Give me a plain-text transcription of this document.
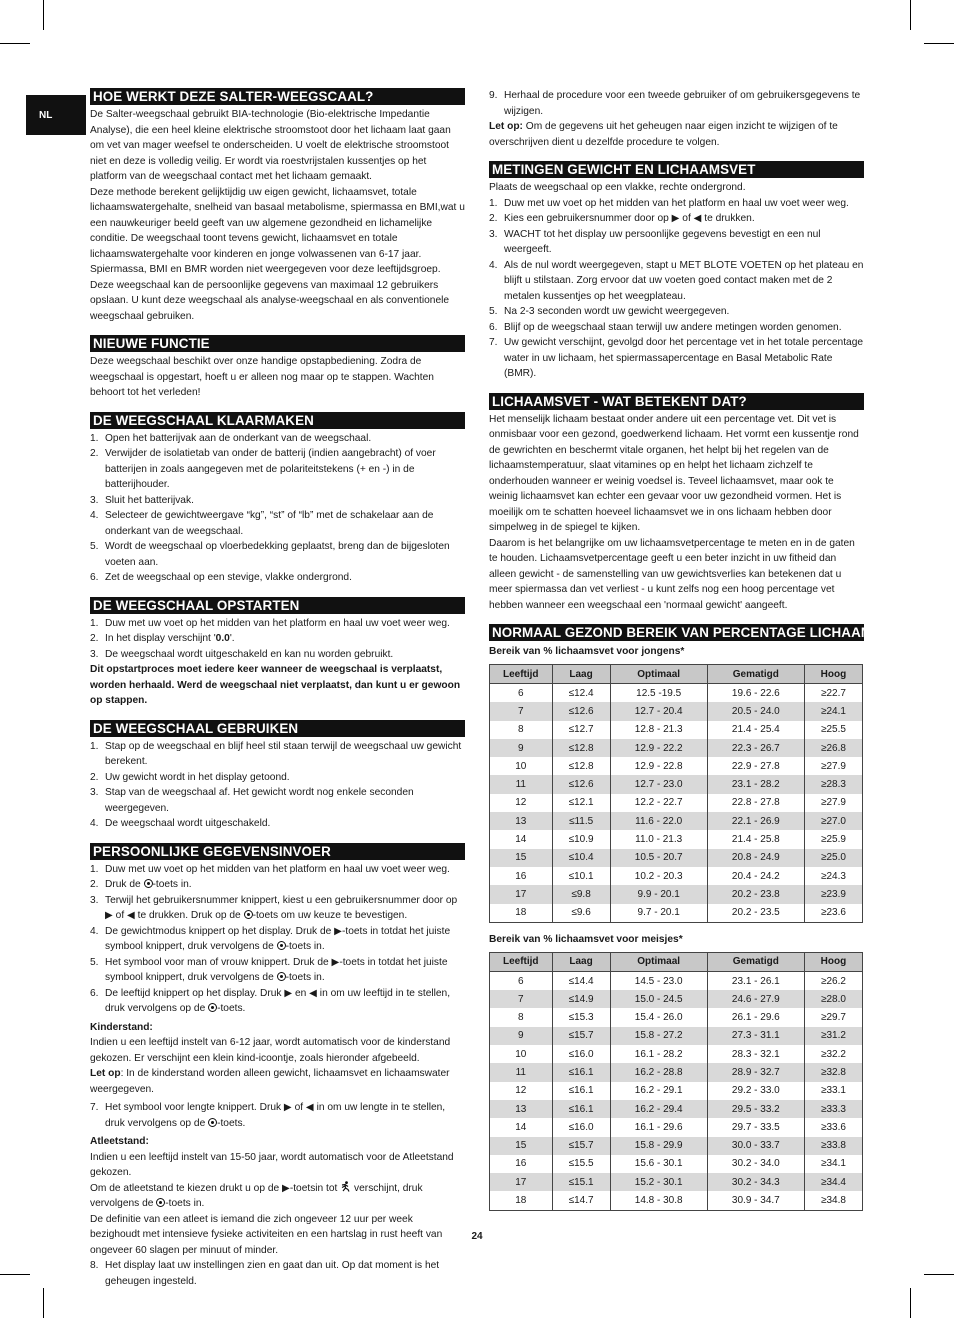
NL
HOE WERKT DEZE SALTER-WEEGSCAAL?

De Salter-weegschaal gebruikt BIA-technologie (Bio-elektrische Impedantie Analyse), die een heel kleine elektrische stroomstoot door het lichaam laat gaan om vet van mager weefsel te onderscheiden. U voelt de elektrische stroomstoot niet en deze is volledig veilig. Er wordt via roestvrijstalen kussentjes op het platform van de weegschaal contact met het lichaam gemaakt.

Deze methode berekent gelijktijdig uw eigen gewicht, lichaamsvet, totale lichaamswatergehalte, snelheid van basaal metabolisme, spiermassa en BMI,wat u een nauwkeuriger beeld geeft van uw algemene gezondheid en lichamelijke conditie. De weegschaal toont tevens gewicht, lichaamsvet en totale lichaamswatergehalte voor kinderen en jonge volwassenen van 6-17 jaar. Spiermassa, BMI en BMR worden niet weergegeven voor deze leeftijdsgroep. Deze weegschaal kan de persoonlijke gegevens van maximaal 12 gebruikers opslaan. U kunt deze weegschaal als analyse-weegschaal en als conventionele weegschaal gebruiken.

NIEUWE FUNCTIE

Deze weegschaal beschikt over onze handige opstapbediening. Zodra de weegschaal is opgestart, hoeft u er alleen nog maar op te stappen. Wachten behoort tot het verleden!

DE WEEGSCHAAL KLAARMAKEN
1. Open het batterijvak aan de onderkant van de weegschaal.
2. Verwijder de isolatietab van onder de batterij (indien aangebracht) of voer batterijen in zoals aangegeven met de polariteitstekens (+ en -) in de batterijhouder.
3. Sluit het batterijvak.
4. Selecteer de gewichtweergave “kg”, “st” of “lb” met de schakelaar aan de onderkant van de weegschaal.
5. Wordt de weegschaal op vloerbedekking geplaatst, breng dan de bijgesloten voeten aan.
6. Zet de weegschaal op een stevige, vlakke ondergrond.
DE WEEGSCHAAL OPSTARTEN
1. Duw met uw voet op het midden van het platform en haal uw voet weer weg.
2. In het display verschijnt '0.0'.
3. De weegschaal wordt uitgeschakeld en kan nu worden gebruikt.

Dit opstartproces moet iedere keer wanneer de weegschaal is verplaatst, worden herhaald. Werd de weegschaal niet verplaatst, dan kunt u er gewoon op stappen.

DE WEEGSCHAAL GEBRUIKEN
1. Stap op de weegschaal en blijf heel stil staan terwijl de weegschaal uw gewicht berekent.
2. Uw gewicht wordt in het display getoond.
3. Stap van de weegschaal af. Het gewicht wordt nog enkele seconden weergegeven.
4. De weegschaal wordt uitgeschakeld.
PERSOONLIJKE GEGEVENSINVOER
1. Duw met uw voet op het midden van het platform en haal uw voet weer weg.
2. Druk de -toets in.
3. Terwijl het gebruikersnummer knippert, kiest u een gebruikersnummer door op ▶ of ◀ te drukken. Druk op de -toets om uw keuze te bevestigen.
4. De gewichtmodus knippert op het display. Druk de ▶-toets in totdat het juiste symbool knippert, druk vervolgens de -toets in.
5. Het symbool voor man of vrouw knippert. Druk de ▶-toets in totdat het juiste symbool knippert, druk vervolgens de -toets in.
6. De leeftijd knippert op het display. Druk ▶ en ◀ in om uw leeftijd in te stellen, druk vervolgens op de -toets.

Kinderstand:

Indien u een leeftijd instelt van 6-12 jaar, wordt automatisch voor de kinderstand gekozen. Er verschijnt een klein kind-icoontje, zoals hieronder afgebeeld.

Let op: In de kinderstand worden alleen gewicht, lichaamsvet en lichaamswater weergegeven.

7. Het symbool voor lengte knippert. Druk ▶ of ◀ in om uw lengte in te stellen, druk vervolgens op de -toets.

Atleetstand:

Indien u een leeftijd instelt van 15-50 jaar, wordt automatisch voor de Atleetstand gekozen.

Om de atleetstand te kiezen drukt u op de ▶-toetsin tot  verschijnt, druk vervolgens de -toets in.

De definitie van een atleet is iemand die zich ongeveer 12 uur per week bezighoudt met intensieve fysieke activiteiten en een hartslag in rust heeft van ongeveer 60 slagen per minuut of minder.

8. Het display laat uw instellingen zien en gaat dan uit. Op dat moment is het geheugen ingesteld.
9. Herhaal de procedure voor een tweede gebruiker of om gebruikersgegevens te wijzigen.

Let op: Om de gegevens uit het geheugen naar eigen inzicht te wijzigen of te overschrijven dient u dezelfde procedure te volgen.

METINGEN GEWICHT EN LICHAAMSVET

Plaats de weegschaal op een vlakke, rechte ondergrond.

1. Duw met uw voet op het midden van het platform en haal uw voet weer weg.
2. Kies een gebruikersnummer door op ▶ of ◀ te drukken.
3. WACHT tot het display uw persoonlijke gegevens bevestigt en een nul weergeeft.
4. Als de nul wordt weergegeven, stapt u MET BLOTE VOETEN op het plateau en blijft u stilstaan. Zorg ervoor dat uw voeten goed contact maken met de 2 metalen kussentjes op het weegplateau.
5. Na 2-3 seconden wordt uw gewicht weergegeven.
6. Blijf op de weegschaal staan terwijl uw andere metingen worden genomen.
7. Uw gewicht verschijnt, gevolgd door het percentage vet in het totale percentage water in uw lichaam, het spiermassapercentage en Basal Metabolic Rate (BMR).
LICHAAMSVET - WAT BETEKENT DAT?

Het menselijk lichaam bestaat onder andere uit een percentage vet. Dit vet is onmisbaar voor een gezond, goedwerkend lichaam. Het vormt een kussentje rond de gewrichten en beschermt vitale organen, het helpt bij het regelen van de lichaamstemperatuur, slaat vitamines op en helpt het lichaam zichzelf te onderhouden wanneer er weinig voedsel is. Teveel lichaamsvet, maar ook te weinig lichaamsvet kan echter een gevaar voor uw gezondheid vormen. Het is moeilijk om te schatten hoeveel lichaamsvet we in ons lichaam hebben door simpelweg in de spiegel te kijken.

Daarom is het belangrijke om uw lichaamsvetpercentage te meten en in de gaten te houden. Lichaamsvetpercentage geeft u een beter inzicht in uw fitheid dan alleen gewicht - de samenstelling van uw gewichtsverlies kan betekenen dat u meer spiermassa dan vet verliest - u kunt zelfs nog een hoog percentage vet hebben wanneer een weegschaal een 'normaal gewicht' aangeeft.

NORMAAL GEZOND BEREIK VAN PERCENTAGE LICHAAMSVET
Bereik van % lichaamsvet voor jongens*
Leeftijd	Laag	Optimaal	Gematigd	Hoog
6	≤12.4	12.5 -19.5	19.6 - 22.6	≥22.7
7	≤12.6	12.7 - 20.4	20.5 - 24.0	≥24.1
8	≤12.7	12.8 - 21.3	21.4 - 25.4	≥25.5
9	≤12.8	12.9 - 22.2	22.3 - 26.7	≥26.8
10	≤12.8	12.9 - 22.8	22.9 - 27.8	≥27.9
11	≤12.6	12.7 - 23.0	23.1 - 28.2	≥28.3
12	≤12.1	12.2 - 22.7	22.8 - 27.8	≥27.9
13	≤11.5	11.6 - 22.0	22.1 - 26.9	≥27.0
14	≤10.9	11.0 - 21.3	21.4 - 25.8	≥25.9
15	≤10.4	10.5 - 20.7	20.8 - 24.9	≥25.0
16	≤10.1	10.2 - 20.3	20.4 - 24.2	≥24.3
17	≤9.8	9.9 - 20.1	20.2 - 23.8	≥23.9
18	≤9.6	9.7 - 20.1	20.2 - 23.5	≥23.6
Bereik van % lichaamsvet voor meisjes*
Leeftijd	Laag	Optimaal	Gematigd	Hoog
6	≤14.4	14.5 - 23.0	23.1 - 26.1	≥26.2
7	≤14.9	15.0 - 24.5	24.6 - 27.9	≥28.0
8	≤15.3	15.4 - 26.0	26.1 - 29.6	≥29.7
9	≤15.7	15.8 - 27.2	27.3 - 31.1	≥31.2
10	≤16.0	16.1 - 28.2	28.3 - 32.1	≥32.2
11	≤16.1	16.2 - 28.8	28.9 - 32.7	≥32.8
12	≤16.1	16.2 - 29.1	29.2 - 33.0	≥33.1
13	≤16.1	16.2 - 29.4	29.5 - 33.2	≥33.3
14	≤16.0	16.1 - 29.6	29.7 - 33.5	≥33.6
15	≤15.7	15.8 - 29.9	30.0 - 33.7	≥33.8
16	≤15.5	15.6 - 30.1	30.2 - 34.0	≥34.1
17	≤15.1	15.2 - 30.1	30.2 - 34.3	≥34.4
18	≤14.7	14.8 - 30.8	30.9 - 34.7	≥34.8
24
